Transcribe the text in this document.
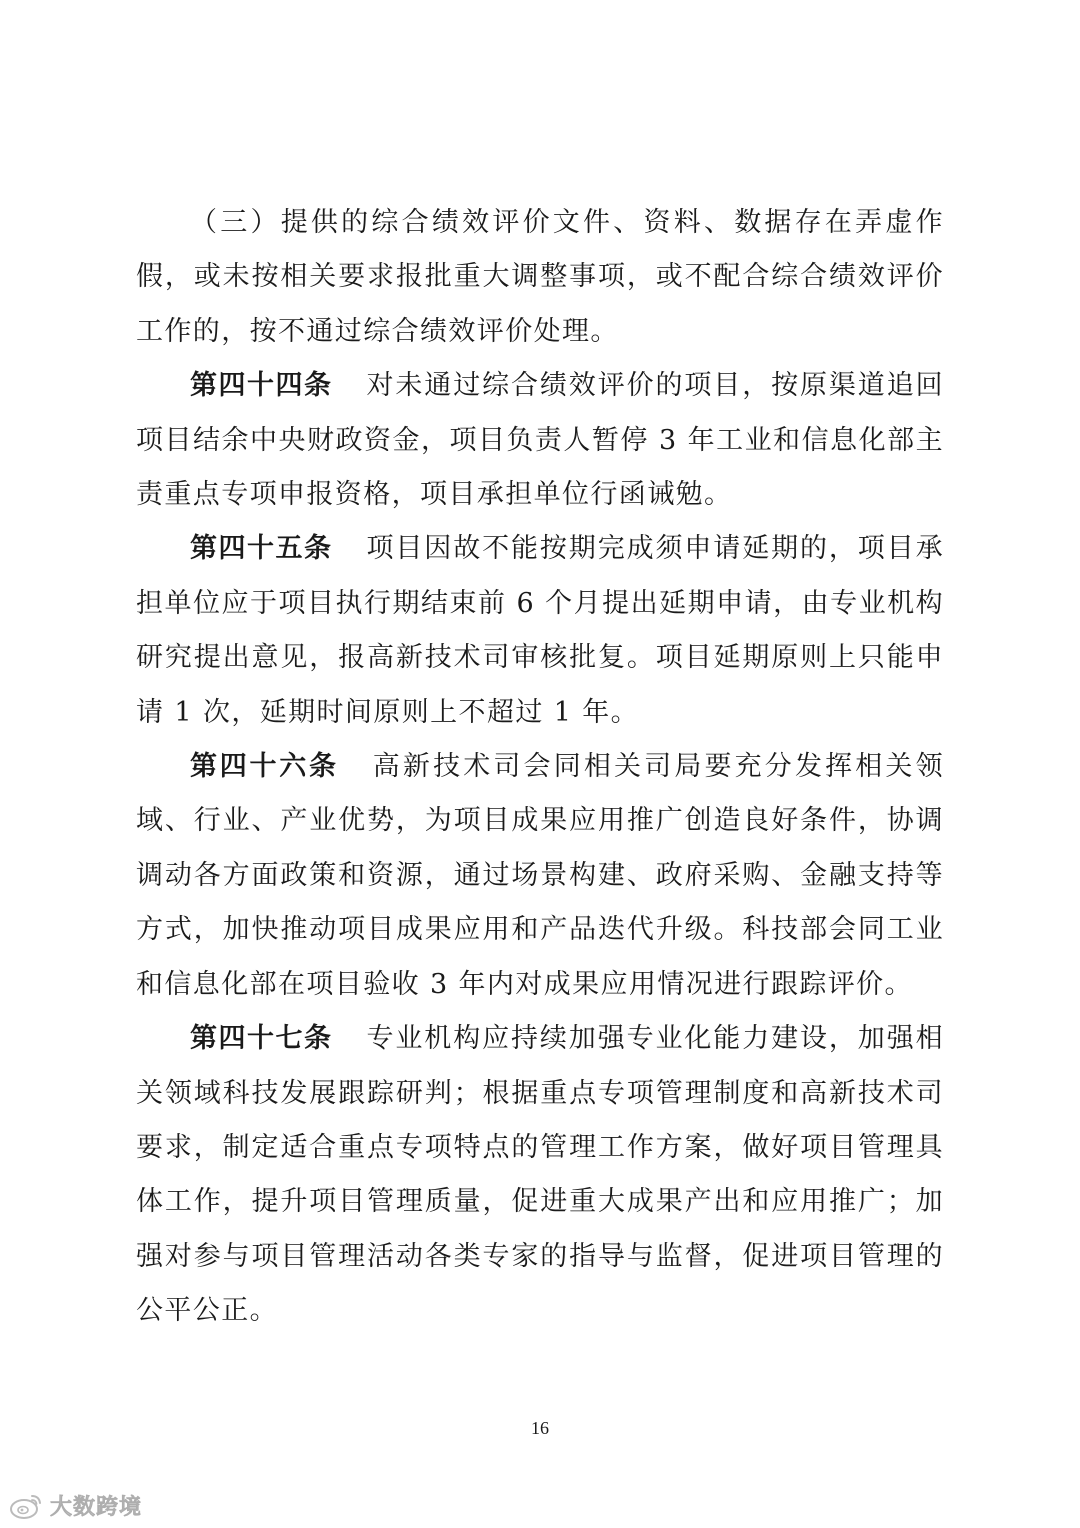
（三）提供的综合绩效评价文件、资料、数据存在弄虚作假，或未按相关要求报批重大调整事项，或不配合综合绩效评价工作的，按不通过综合绩效评价处理。

第四十四条 对未通过综合绩效评价的项目，按原渠道追回项目结余中央财政资金，项目负责人暂停 3 年工业和信息化部主责重点专项申报资格，项目承担单位行函诫勉。

第四十五条 项目因故不能按期完成须申请延期的，项目承担单位应于项目执行期结束前 6 个月提出延期申请，由专业机构研究提出意见，报高新技术司审核批复。项目延期原则上只能申请 1 次，延期时间原则上不超过 1 年。

第四十六条 高新技术司会同相关司局要充分发挥相关领域、行业、产业优势，为项目成果应用推广创造良好条件，协调调动各方面政策和资源，通过场景构建、政府采购、金融支持等方式，加快推动项目成果应用和产品迭代升级。科技部会同工业和信息化部在项目验收 3 年内对成果应用情况进行跟踪评价。

第四十七条 专业机构应持续加强专业化能力建设，加强相关领域科技发展跟踪研判；根据重点专项管理制度和高新技术司要求，制定适合重点专项特点的管理工作方案，做好项目管理具体工作，提升项目管理质量，促进重大成果产出和应用推广；加强对参与项目管理活动各类专家的指导与监督，促进项目管理的公平公正。

16
大数跨境
